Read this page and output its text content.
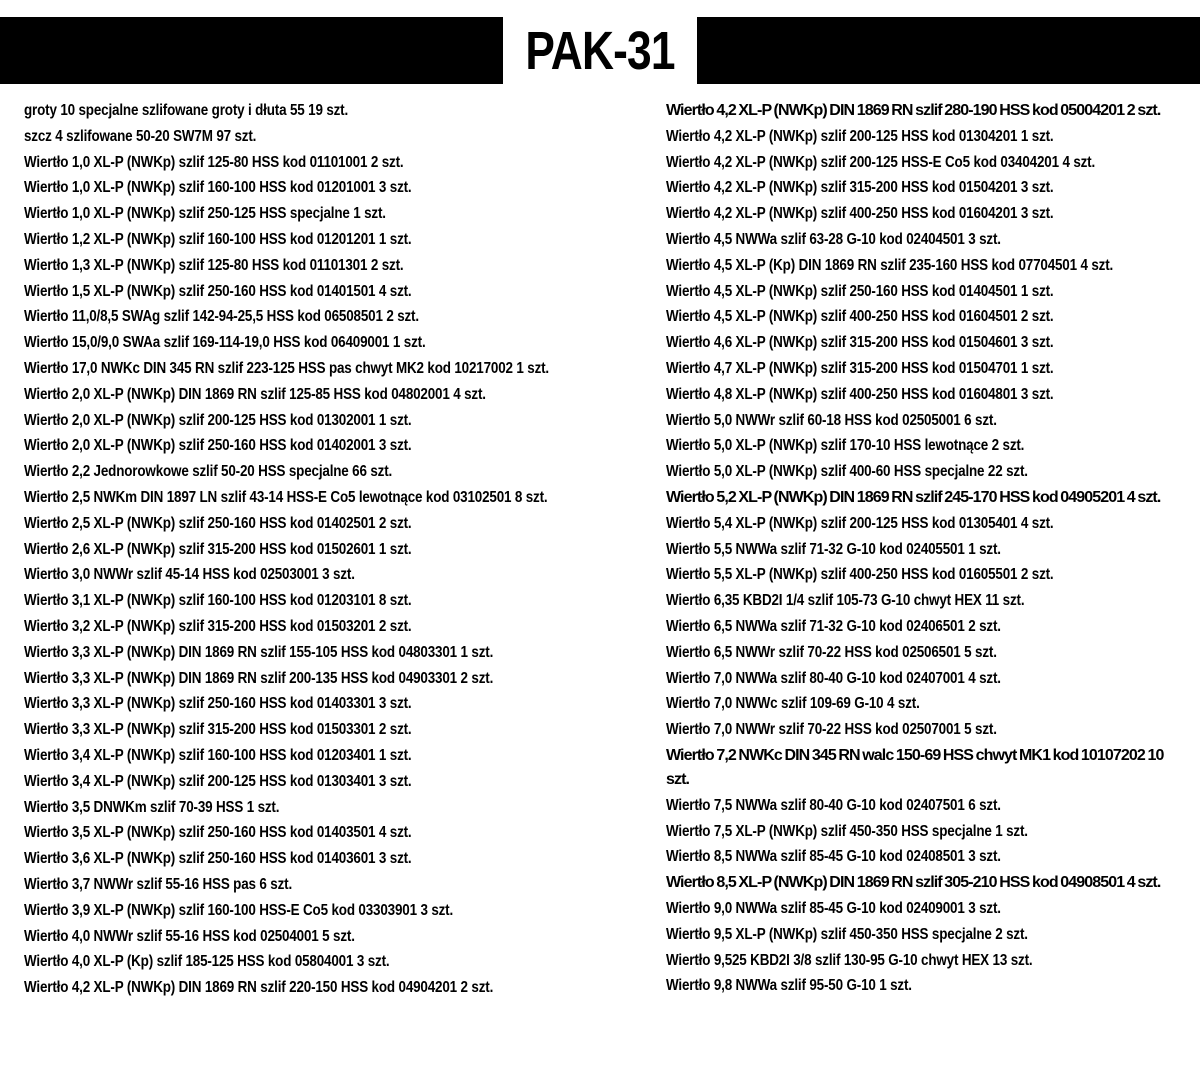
PAK-31
groty 10 specjalne szlifowane groty i dłuta 55 19 szt.
szcz 4 szlifowane 50-20 SW7M 97 szt.
Wiertło 1,0 XL-P (NWKp) szlif 125-80 HSS kod 01101001 2 szt.
Wiertło 1,0 XL-P (NWKp) szlif 160-100 HSS kod 01201001 3 szt.
Wiertło 1,0 XL-P (NWKp) szlif 250-125 HSS specjalne 1 szt.
Wiertło 1,2 XL-P (NWKp) szlif 160-100 HSS kod 01201201 1 szt.
Wiertło 1,3 XL-P (NWKp) szlif 125-80 HSS kod 01101301 2 szt.
Wiertło 1,5 XL-P (NWKp) szlif 250-160 HSS kod 01401501 4 szt.
Wiertło 11,0/8,5 SWAg szlif 142-94-25,5 HSS kod 06508501 2 szt.
Wiertło 15,0/9,0 SWAa szlif 169-114-19,0 HSS kod 06409001 1 szt.
Wiertło 17,0 NWKc DIN 345 RN szlif 223-125 HSS pas chwyt MK2 kod 10217002 1 szt.
Wiertło 2,0 XL-P (NWKp) DIN 1869 RN szlif 125-85 HSS kod 04802001 4 szt.
Wiertło 2,0 XL-P (NWKp) szlif 200-125 HSS kod 01302001 1 szt.
Wiertło 2,0 XL-P (NWKp) szlif 250-160 HSS kod 01402001 3 szt.
Wiertło 2,2 Jednorowkowe szlif 50-20 HSS specjalne 66 szt.
Wiertło 2,5 NWKm DIN 1897 LN szlif 43-14 HSS-E Co5 lewotnące kod 03102501 8 szt.
Wiertło 2,5 XL-P (NWKp) szlif 250-160 HSS kod 01402501 2 szt.
Wiertło 2,6 XL-P (NWKp) szlif 315-200 HSS kod 01502601 1 szt.
Wiertło 3,0 NWWr szlif 45-14 HSS kod 02503001 3 szt.
Wiertło 3,1 XL-P (NWKp) szlif 160-100 HSS kod 01203101 8 szt.
Wiertło 3,2 XL-P (NWKp) szlif 315-200 HSS kod 01503201 2 szt.
Wiertło 3,3 XL-P (NWKp) DIN 1869 RN szlif 155-105 HSS kod 04803301 1 szt.
Wiertło 3,3 XL-P (NWKp) DIN 1869 RN szlif 200-135 HSS kod 04903301 2 szt.
Wiertło 3,3 XL-P (NWKp) szlif 250-160 HSS kod 01403301 3 szt.
Wiertło 3,3 XL-P (NWKp) szlif 315-200 HSS kod 01503301 2 szt.
Wiertło 3,4 XL-P (NWKp) szlif 160-100 HSS kod 01203401 1 szt.
Wiertło 3,4 XL-P (NWKp) szlif 200-125 HSS kod 01303401 3 szt.
Wiertło 3,5 DNWKm szlif 70-39 HSS 1 szt.
Wiertło 3,5 XL-P (NWKp) szlif 250-160 HSS kod 01403501 4 szt.
Wiertło 3,6 XL-P (NWKp) szlif 250-160 HSS kod 01403601 3 szt.
Wiertło 3,7 NWWr szlif 55-16 HSS pas 6 szt.
Wiertło 3,9 XL-P (NWKp) szlif 160-100 HSS-E Co5 kod 03303901 3 szt.
Wiertło 4,0 NWWr szlif 55-16 HSS kod 02504001 5 szt.
Wiertło 4,0 XL-P (Kp) szlif 185-125 HSS kod 05804001 3 szt.
Wiertło 4,2 XL-P (NWKp) DIN 1869 RN szlif 220-150 HSS kod 04904201 2 szt.
Wiertło 4,2 XL-P (NWKp) DIN 1869 RN szlif 280-190 HSS kod 05004201 2 szt.
Wiertło 4,2 XL-P (NWKp) szlif 200-125 HSS kod 01304201 1 szt.
Wiertło 4,2 XL-P (NWKp) szlif 200-125 HSS-E Co5 kod 03404201 4 szt.
Wiertło 4,2 XL-P (NWKp) szlif 315-200 HSS kod 01504201 3 szt.
Wiertło 4,2 XL-P (NWKp) szlif 400-250 HSS kod 01604201 3 szt.
Wiertło 4,5 NWWa szlif 63-28 G-10 kod 02404501 3 szt.
Wiertło 4,5 XL-P (Kp) DIN 1869 RN szlif 235-160 HSS kod 07704501 4 szt.
Wiertło 4,5 XL-P (NWKp) szlif 250-160 HSS kod 01404501 1 szt.
Wiertło 4,5 XL-P (NWKp) szlif 400-250 HSS kod 01604501 2 szt.
Wiertło 4,6 XL-P (NWKp) szlif 315-200 HSS kod 01504601 3 szt.
Wiertło 4,7 XL-P (NWKp) szlif 315-200 HSS kod 01504701 1 szt.
Wiertło 4,8 XL-P (NWKp) szlif 400-250 HSS kod 01604801 3 szt.
Wiertło 5,0 NWWr szlif 60-18 HSS kod 02505001 6 szt.
Wiertło 5,0 XL-P (NWKp) szlif 170-10 HSS lewotnące 2 szt.
Wiertło 5,0 XL-P (NWKp) szlif 400-60 HSS specjalne 22 szt.
Wiertło 5,2 XL-P (NWKp) DIN 1869 RN szlif 245-170 HSS kod 04905201 4 szt.
Wiertło 5,4 XL-P (NWKp) szlif 200-125 HSS kod 01305401 4 szt.
Wiertło 5,5 NWWa szlif 71-32 G-10 kod 02405501 1 szt.
Wiertło 5,5 XL-P (NWKp) szlif 400-250 HSS kod 01605501 2 szt.
Wiertło 6,35 KBD2I 1/4 szlif 105-73 G-10 chwyt HEX 11 szt.
Wiertło 6,5 NWWa szlif 71-32 G-10 kod 02406501 2 szt.
Wiertło 6,5 NWWr szlif 70-22 HSS kod 02506501 5 szt.
Wiertło 7,0 NWWa szlif 80-40 G-10 kod 02407001 4 szt.
Wiertło 7,0 NWWc szlif 109-69 G-10 4 szt.
Wiertło 7,0 NWWr szlif 70-22 HSS kod 02507001 5 szt.
Wiertło 7,2 NWKc DIN 345 RN walc 150-69 HSS chwyt MK1 kod 10107202 10 szt.
Wiertło 7,5 NWWa szlif 80-40 G-10 kod 02407501 6 szt.
Wiertło 7,5 XL-P (NWKp) szlif 450-350 HSS specjalne 1 szt.
Wiertło 8,5 NWWa szlif 85-45 G-10 kod 02408501 3 szt.
Wiertło 8,5 XL-P (NWKp) DIN 1869 RN szlif 305-210 HSS kod 04908501 4 szt.
Wiertło 9,0 NWWa szlif 85-45 G-10 kod 02409001 3 szt.
Wiertło 9,5 XL-P (NWKp) szlif 450-350 HSS specjalne 2 szt.
Wiertło 9,525 KBD2I 3/8 szlif 130-95 G-10 chwyt HEX 13 szt.
Wiertło 9,8 NWWa szlif 95-50 G-10 1 szt.
